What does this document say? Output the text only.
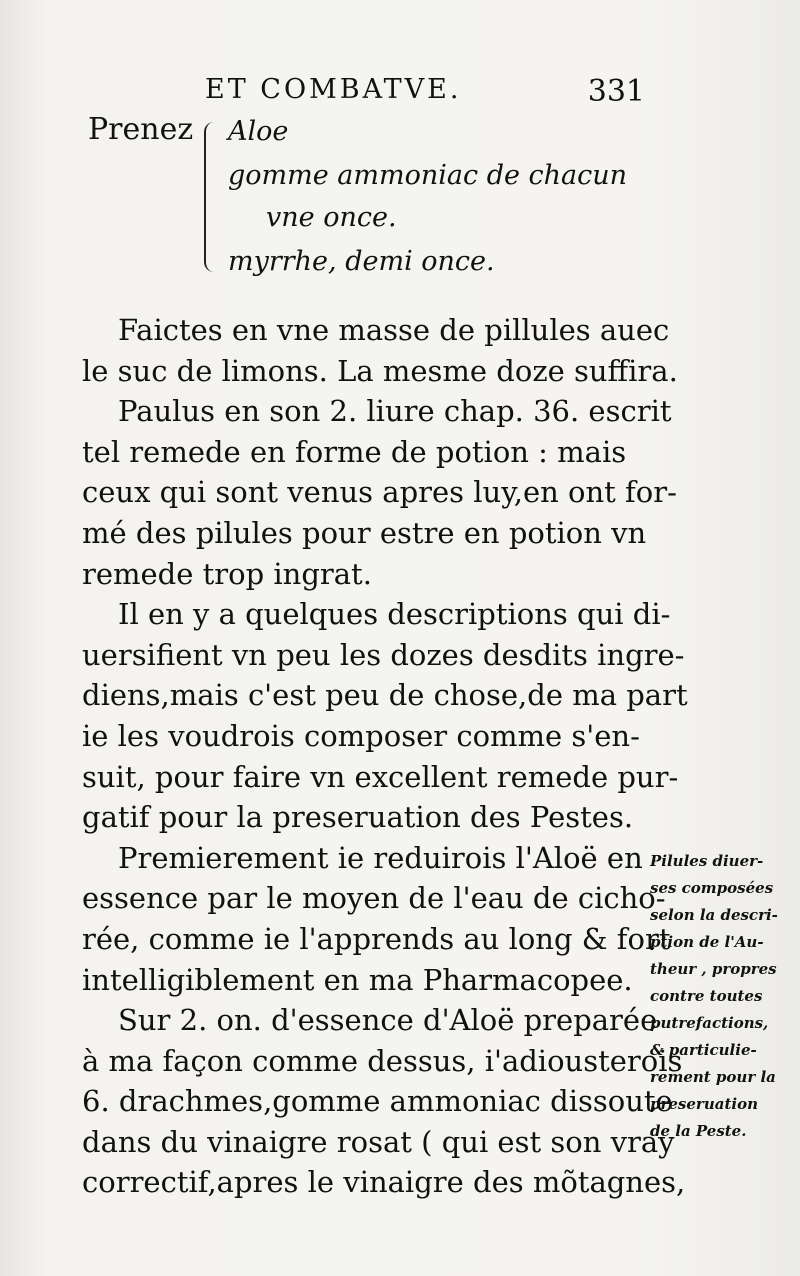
ET COMBATVE.	331
Prenez Aloe
gomme ammoniac de chacun
vne once.
myrrhe, demi once.

Faictes en vne masse de pillules auec
le suc de limons. La mesme doze suffira.

Paulus en son 2. liure chap. 36. escrit
tel remede en forme de potion : mais
ceux qui sont venus apres luy,en ont for-
mé des pilules pour estre en potion vn
remede trop ingrat.

Il en y a quelques descriptions qui di-
uersifient vn peu les dozes desdits ingre-
diens,mais c'est peu de chose,de ma part
ie les voudrois composer comme s'en-
suit, pour faire vn excellent remede pur-
gatif pour la preseruation des Pestes.

Premierement ie reduirois l'Aloë en
essence par le moyen de l'eau de cicho-
rée, comme ie l'apprends au long & fort
intelligiblement en ma Pharmacopee.

Sur 2. on. d'essence d'Aloë preparée
à ma façon comme dessus, i'adiousterois
6. drachmes,gomme ammoniac dissoute
dans du vinaigre rosat ( qui est son vray
correctif,apres le vinaigre des mõtagnes,

Pilules diuer-
ses composées
selon la descri-
ption de l'Au-
theur , propres
contre toutes
putrefactions,
& particulie-
rement pour la
preseruation
de la Peste.
